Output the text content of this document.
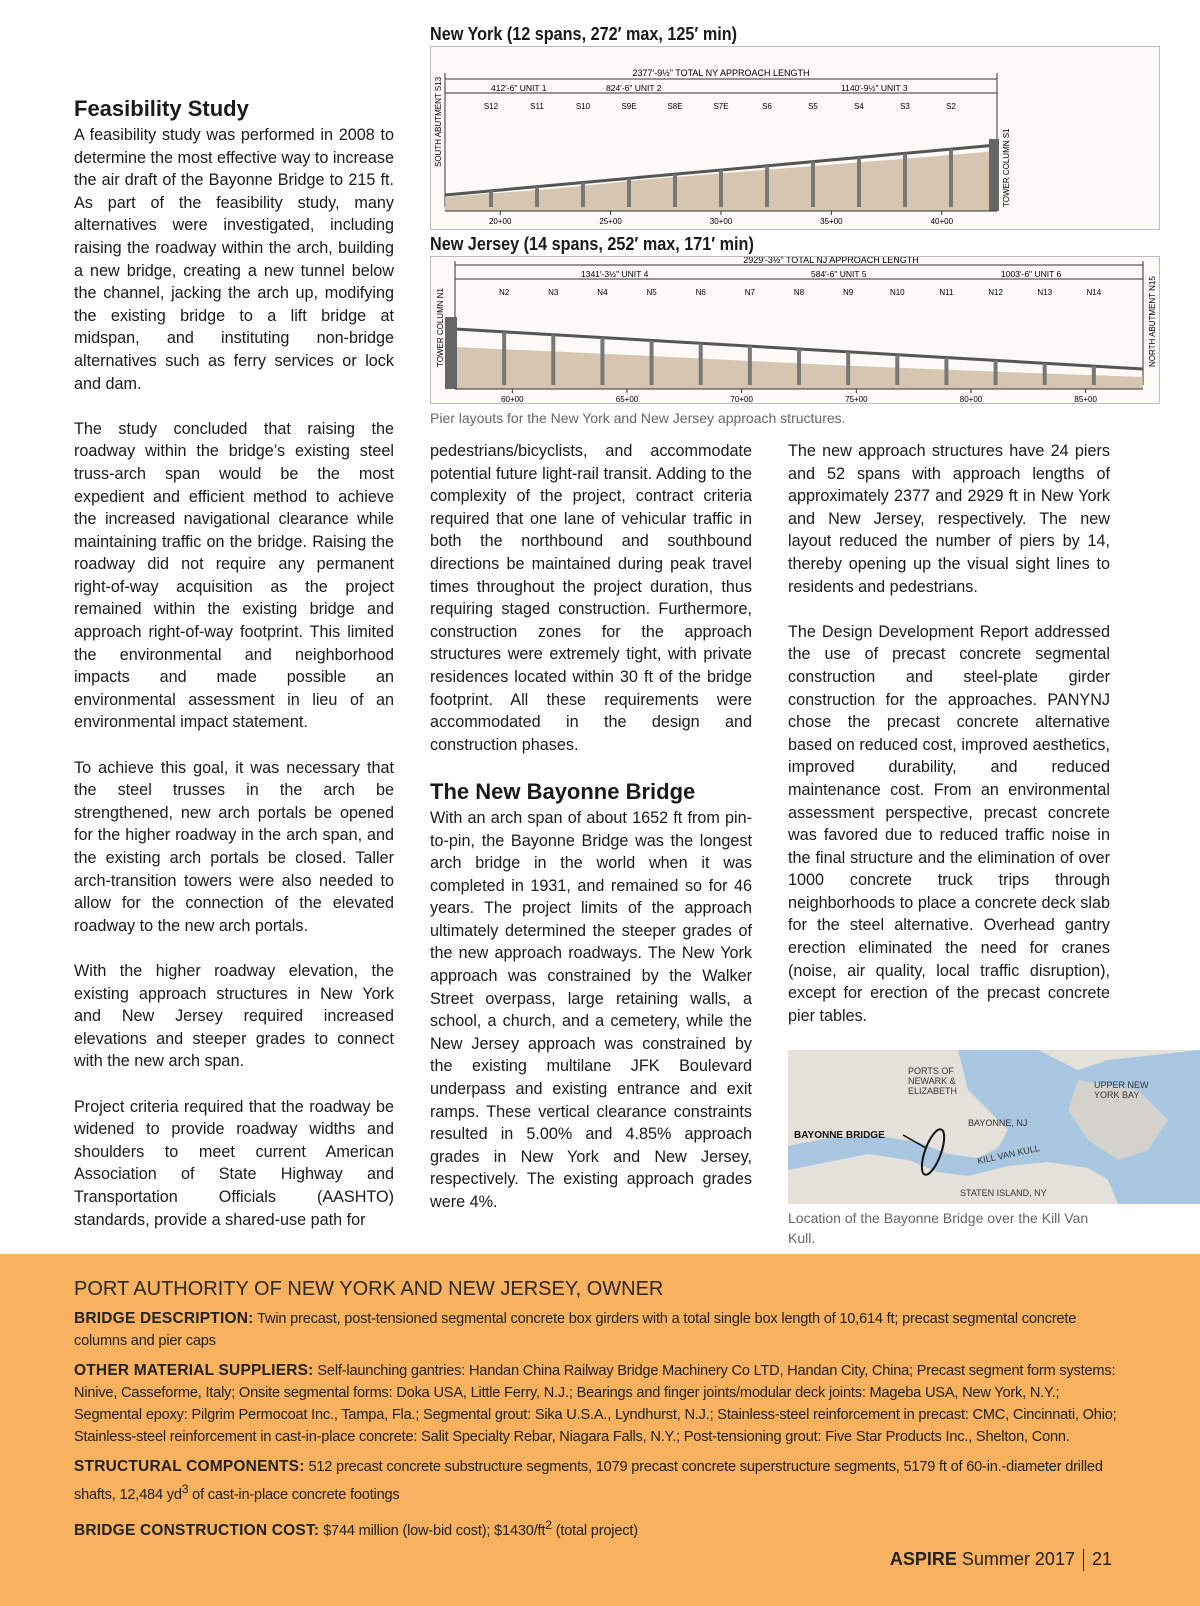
New York (12 spans, 272′ max, 125′ min)
2377′-9½" TOTAL NY APPROACH LENGTH
412′-6" UNIT 1	824′-6" UNIT 2	1140′-9½" UNIT 3
S12	S11	S10	S9E	S8E	S7E	S6	S5	S4	S3	S2
SOUTH ABUTMENT S13
TOWER COLUMN S1
20+00	25+00	30+00	35+00	40+00
New Jersey (14 spans, 252′ max, 171′ min)
2929′-3½" TOTAL NJ APPROACH LENGTH
1341′-3½" UNIT 4	584′-6" UNIT 5	1003′-6" UNIT 6
N2	N3	N4	N5	N6	N7	N8	N9	N10	N11	N12	N13	N14
TOWER COLUMN N1	NORTH ABUTMENT N15
60+00	65+00	70+00	75+00	80+00	85+00
Pier layouts for the New York and New Jersey approach structures.
Feasibility Study

A feasibility study was performed in 2008 to determine the most effective way to increase the air draft of the Bayonne Bridge to 215 ft. As part of the feasibility study, many alternatives were investigated, including raising the roadway within the arch, building a new bridge, creating a new tunnel below the channel, jacking the arch up, modifying the existing bridge to a lift bridge at midspan, and instituting non-bridge alternatives such as ferry services or lock and dam.

The study concluded that raising the roadway within the bridge’s existing steel truss-arch span would be the most expedient and efficient method to achieve the increased navigational clearance while maintaining traffic on the bridge. Raising the roadway did not require any permanent right-of-way acquisition as the project remained within the existing bridge and approach right-of-way footprint. This limited the environmental and neighborhood impacts and made possible an environmental assessment in lieu of an environmental impact statement.

To achieve this goal, it was necessary that the steel trusses in the arch be strengthened, new arch portals be opened for the higher roadway in the arch span, and the existing arch portals be closed. Taller arch-transition towers were also needed to allow for the connection of the elevated roadway to the new arch portals.

With the higher roadway elevation, the existing approach structures in New York and New Jersey required increased elevations and steeper grades to connect with the new arch span.

Project criteria required that the roadway be widened to provide roadway widths and shoulders to meet current American Association of State Highway and Transportation Officials (AASHTO) standards, provide a shared-use path for

pedestrians/bicyclists, and accommodate potential future light-rail transit. Adding to the complexity of the project, contract criteria required that one lane of vehicular traffic in both the northbound and southbound directions be maintained during peak travel times throughout the project duration, thus requiring staged construction. Furthermore, construction zones for the approach structures were extremely tight, with private residences located within 30 ft of the bridge footprint. All these requirements were accommodated in the design and construction phases.

The New Bayonne Bridge

With an arch span of about 1652 ft from pin-to-pin, the Bayonne Bridge was the longest arch bridge in the world when it was completed in 1931, and remained so for 46 years. The project limits of the approach ultimately determined the steeper grades of the new approach roadways. The New York approach was constrained by the Walker Street overpass, large retaining walls, a school, a church, and a cemetery, while the New Jersey approach was constrained by the existing multilane JFK Boulevard underpass and existing entrance and exit ramps. These vertical clearance constraints resulted in 5.00% and 4.85% approach grades in New York and New Jersey, respectively. The existing approach grades were 4%.

The new approach structures have 24 piers and 52 spans with approach lengths of approximately 2377 and 2929 ft in New York and New Jersey, respectively. The new layout reduced the number of piers by 14, thereby opening up the visual sight lines to residents and pedestrians.

The Design Development Report addressed the use of precast concrete segmental construction and steel-plate girder construction for the approaches. PANYNJ chose the precast concrete alternative based on reduced cost, improved aesthetics, improved durability, and reduced maintenance cost. From an environmental assessment perspective, precast concrete was favored due to reduced traffic noise in the final structure and the elimination of over 1000 concrete truck trips through neighborhoods to place a concrete deck slab for the steel alternative. Overhead gantry erection eliminated the need for cranes (noise, air quality, local traffic disruption), except for erection of the precast concrete pier tables.

PORTS OF
NEWARK &
ELIZABETH
UPPER NEW
YORK BAY
BAYONNE, NJ
BAYONNE BRIDGE
KILL VAN KULL
STATEN ISLAND, NY
Location of the Bayonne Bridge over the Kill Van Kull.
PORT AUTHORITY OF NEW YORK AND NEW JERSEY, OWNER
BRIDGE DESCRIPTION: Twin precast, post-tensioned segmental concrete box girders with a total single box length of 10,614 ft; precast segmental concrete columns and pier caps
OTHER MATERIAL SUPPLIERS: Self-launching gantries: Handan China Railway Bridge Machinery Co LTD, Handan City, China; Precast segment form systems: Ninive, Casseforme, Italy; Onsite segmental forms: Doka USA, Little Ferry, N.J.; Bearings and finger joints/modular deck joints: Mageba USA, New York, N.Y.; Segmental epoxy: Pilgrim Permocoat Inc., Tampa, Fla.; Segmental grout: Sika U.S.A., Lyndhurst, N.J.; Stainless-steel reinforcement in precast: CMC, Cincinnati, Ohio; Stainless-steel reinforcement in cast-in-place concrete: Salit Specialty Rebar, Niagara Falls, N.Y.; Post-tensioning grout: Five Star Products Inc., Shelton, Conn.
STRUCTURAL COMPONENTS: 512 precast concrete substructure segments, 1079 precast concrete superstructure segments, 5179 ft of 60-in.-diameter drilled shafts, 12,484 $yd^3$ of cast-in-place concrete footings
BRIDGE CONSTRUCTION COST: $744 million (low-bid cost); $\$1430/ft^2$ (total project)
ASPIRE Summer 2017 21
